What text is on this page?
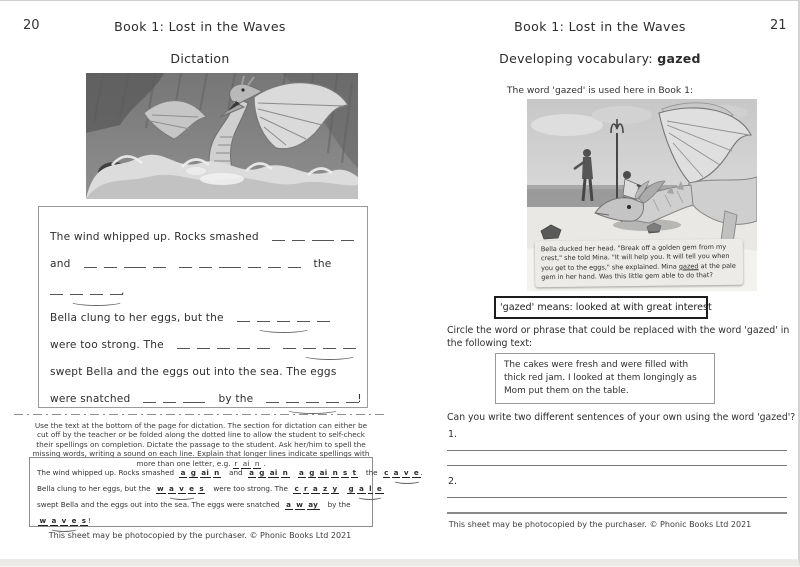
20	Book 1: Lost in the Waves
Dictation
The wind whipped up. Rocks smashed
and	the
.
Bella clung to her eggs, but the
were too strong. The
swept Bella and the eggs out into the sea. The eggs
were snatched	by the	!
Use the text at the bottom of the page for dictation. The section for dictation can either be cut off by the teacher or be folded along the dotted line to allow the student to self-check their spellings on completion. Dictate the passage to the student. Ask her/him to spell the missing words, writing a sound on each line. Explain that longer lines indicate spellings with more than one letter, e.g. r ai n .
The wind whipped up. Rocks smashed a g ai n and a g ai n a g ai n s t the c a v e .
Bella clung to her eggs, but the w a v e s were too strong. The c r a z y g a l e
swept Bella and the eggs out into the sea. The eggs were snatched a w ay by the
w a v e s !
This sheet may be photocopied by the purchaser. © Phonic Books Ltd 2021
21
Book 1: Lost in the Waves
Developing vocabulary: gazed
The word 'gazed' is used here in Book 1:
Bella ducked her head. "Break off a golden gem from my crest," she told Mina. "It will help you. It will tell you when you get to the eggs," she explained. Mina gazed at the pale gem in her hand. Was this little gem able to do that?
'gazed' means: looked at with great interest
Circle the word or phrase that could be replaced with the word 'gazed' in the following text:
The cakes were fresh and were filled with thick red jam. I looked at them longingly as Mom put them on the table.
Can you write two different sentences of your own using the word 'gazed'?
1.
2.
This sheet may be photocopied by the purchaser. © Phonic Books Ltd 2021
